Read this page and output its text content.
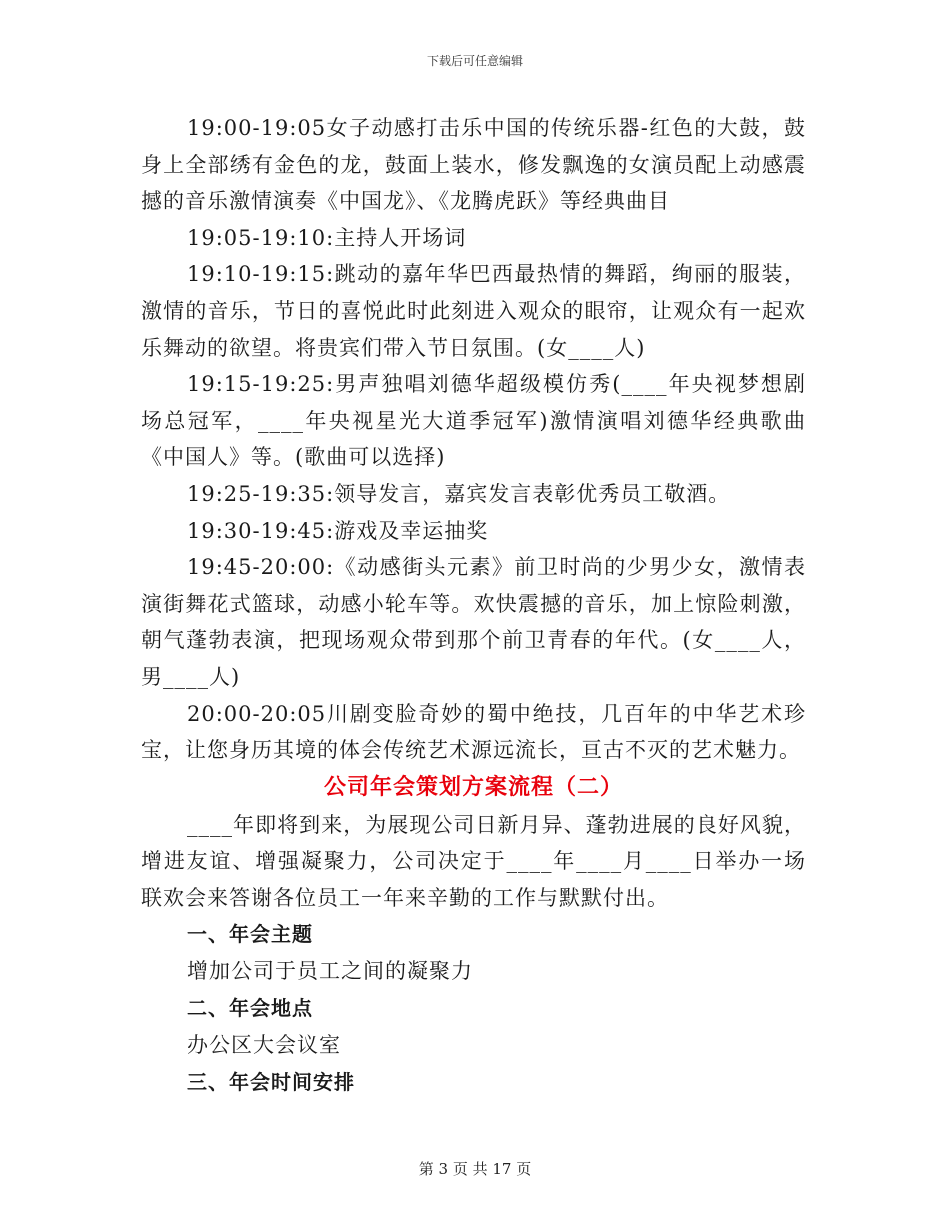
下载后可任意编辑

19:00-19:05女子动感打击乐中国的传统乐器-红色的大鼓，鼓身上全部绣有金色的龙，鼓面上装水，修发飘逸的女演员配上动感震撼的音乐激情演奏《中国龙》、《龙腾虎跃》等经典曲目

19:05-19:10:主持人开场词

19:10-19:15:跳动的嘉年华巴西最热情的舞蹈，绚丽的服装，激情的音乐，节日的喜悦此时此刻进入观众的眼帘，让观众有一起欢乐舞动的欲望。将贵宾们带入节日氛围。(女____人)

19:15-19:25:男声独唱刘德华超级模仿秀(____年央视梦想剧场总冠军，____年央视星光大道季冠军)激情演唱刘德华经典歌曲《中国人》等。(歌曲可以选择)

19:25-19:35:领导发言，嘉宾发言表彰优秀员工敬酒。

19:30-19:45:游戏及幸运抽奖

19:45-20:00:《动感街头元素》前卫时尚的少男少女，激情表演街舞花式篮球，动感小轮车等。欢快震撼的音乐，加上惊险刺激，朝气蓬勃表演，把现场观众带到那个前卫青春的年代。(女____人，男____人)

20:00-20:05川剧变脸奇妙的蜀中绝技，几百年的中华艺术珍宝，让您身历其境的体会传统艺术源远流长，亘古不灭的艺术魅力。

公司年会策划方案流程（二）

____年即将到来，为展现公司日新月异、蓬勃进展的良好风貌，增进友谊、增强凝聚力，公司决定于____年____月____日举办一场联欢会来答谢各位员工一年来辛勤的工作与默默付出。

一、年会主题

增加公司于员工之间的凝聚力

二、年会地点

办公区大会议室

三、年会时间安排

第 3 页 共 17 页
